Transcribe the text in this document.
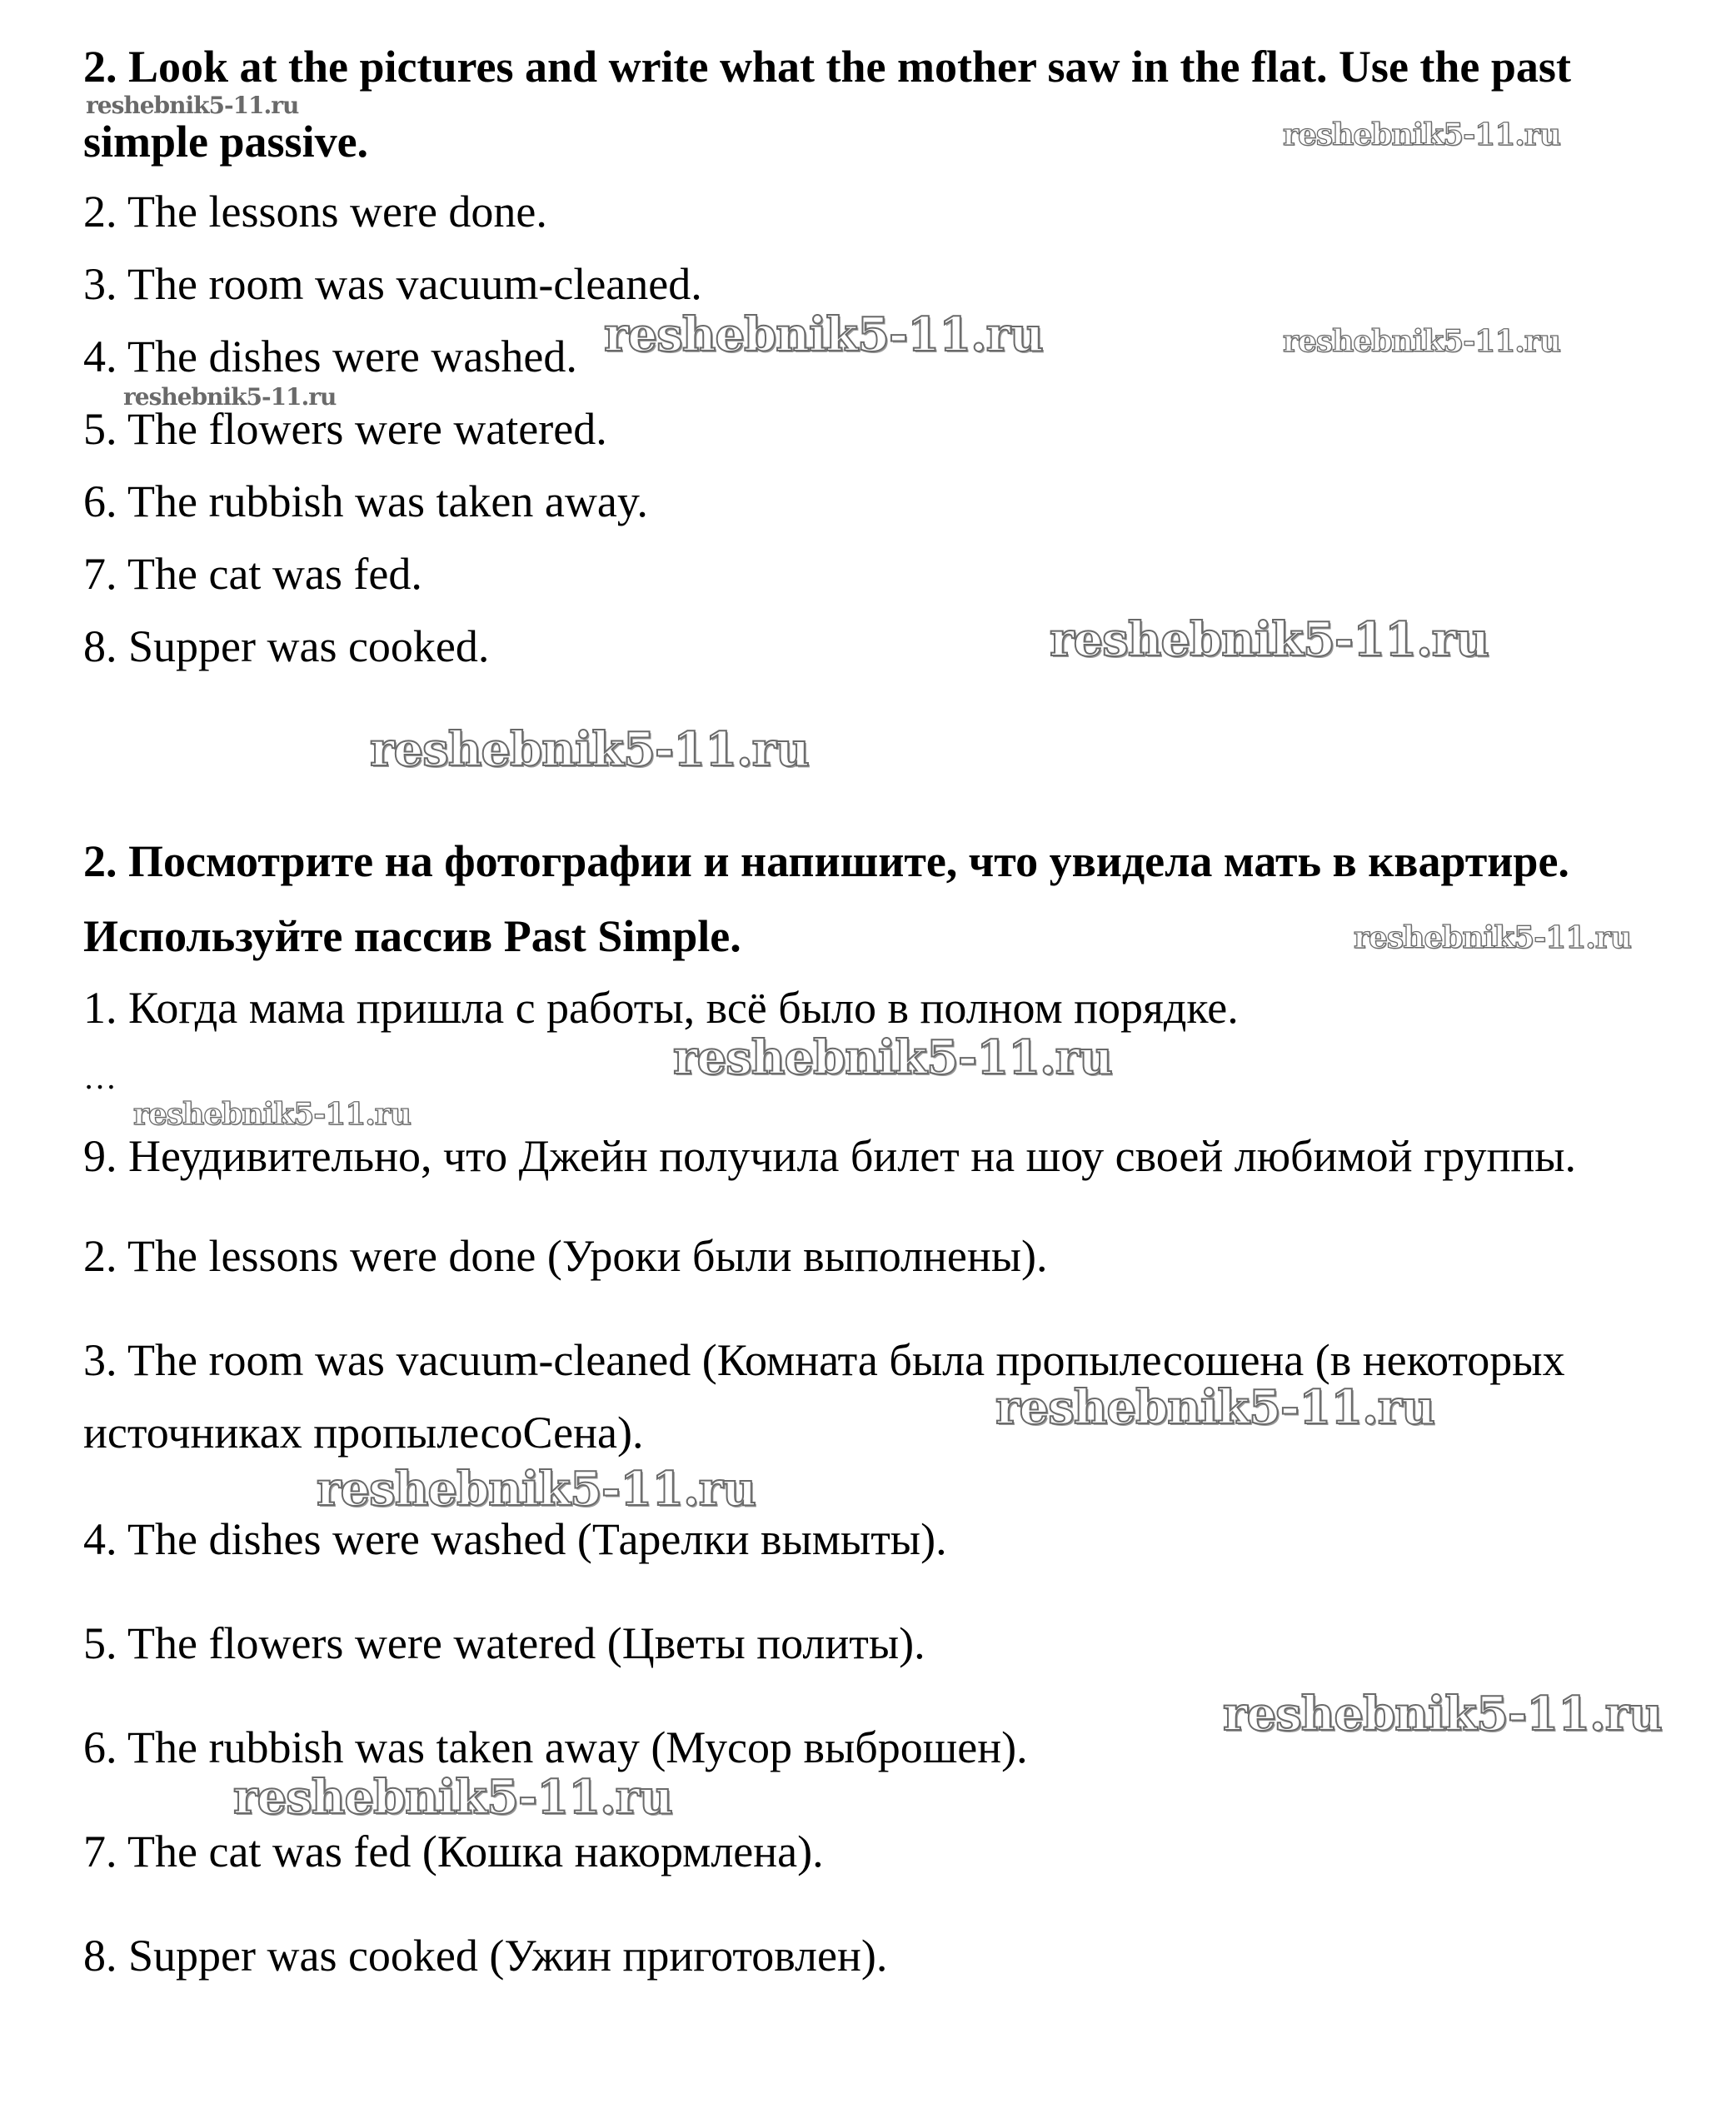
2. Look at the pictures and write what the mother saw in the flat. Use the past
simple passive.
2. The lessons were done.
3. The room was vacuum-cleaned.
4. The dishes were washed.
5. The flowers were watered.
6. The rubbish was taken away.
7. The cat was fed.
8. Supper was cooked.
2. Посмотрите на фотографии и напишите, что увидела мать в квартире.
Используйте пассив Past Simple.
1. Когда мама пришла с работы, всё было в полном порядке.
…
9. Неудивительно, что Джейн получила билет на шоу своей любимой группы.
2. The lessons were done (Уроки были выполнены).
3. The room was vacuum-cleaned (Комната была пропылесошена (в некоторых
источниках пропылесоСена).
4. The dishes were washed (Тарелки вымыты).
5. The flowers were watered (Цветы политы).
6. The rubbish was taken away (Мусор выброшен).
7. The cat was fed (Кошка накормлена).
8. Supper was cooked (Ужин приготовлен).
reshebnik5-11.ru
reshebnik5-11.ru
reshebnik5-11.ru	reshebnik5-11.ru
reshebnik5-11.ru
reshebnik5-11.ru
reshebnik5-11.ru
reshebnik5-11.ru
reshebnik5-11.ru
reshebnik5-11.ru
reshebnik5-11.ru
reshebnik5-11.ru
reshebnik5-11.ru
reshebnik5-11.ru
